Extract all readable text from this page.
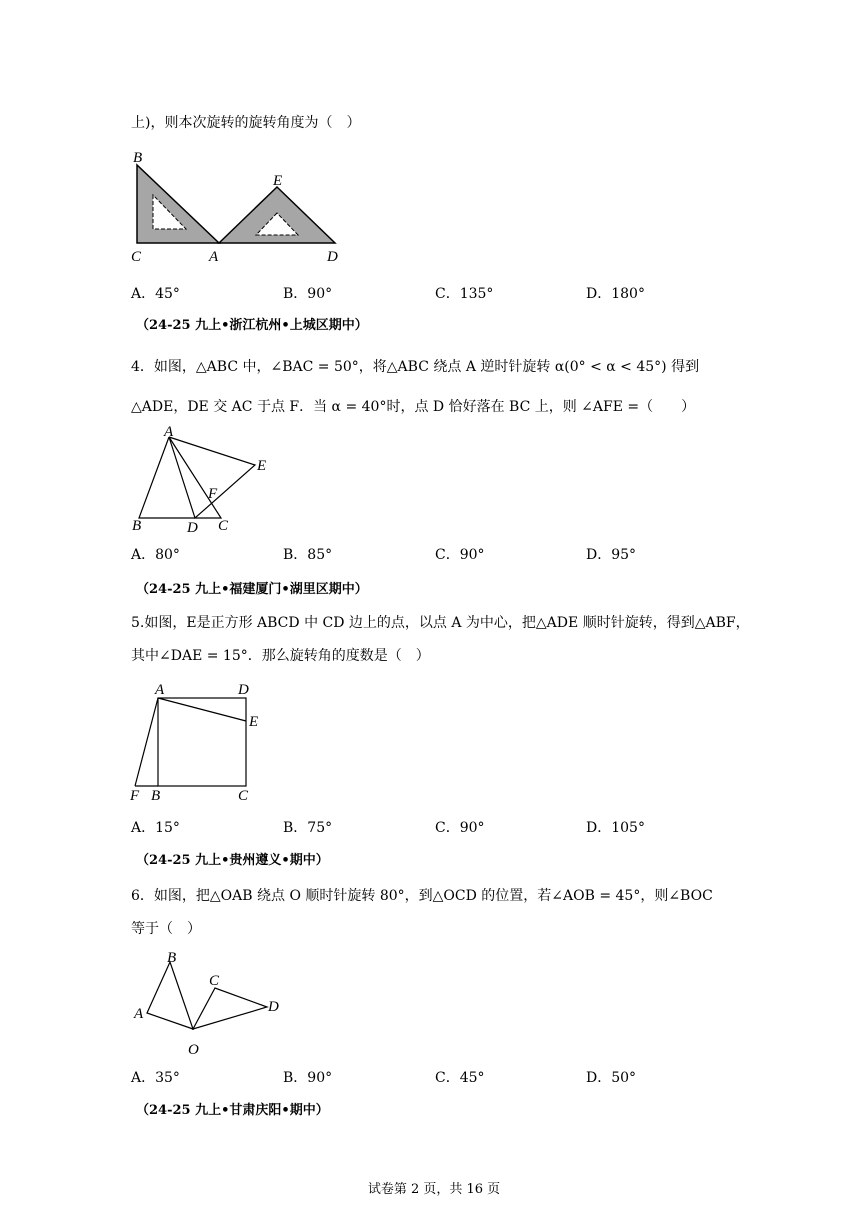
上)，则本次旋转的旋转角度为（　）
B
C	A
E
D
A．45°	B．90°	C．135°	D．180°
（24-25 九上•浙江杭州•上城区期中）
4．如图，△ABC 中，∠BAC = 50°，将△ABC 绕点 A 逆时针旋转 α(0° < α < 45°) 得到
△ADE，DE 交 AC 于点 F．当 α = 40°时，点 D 恰好落在 BC 上，则 ∠AFE =（　　）
A
E
F
B	D C
A．80°	B．85°	C．90°	D．95°
（24-25 九上•福建厦门•湖里区期中）
5.如图，E是正方形 ABCD 中 CD 边上的点，以点 A 为中心，把△ADE 顺时针旋转，得到△ABF，
其中∠DAE = 15°．那么旋转角的度数是（　）
A	D
E
F B	C
A．15°	B．75°	C．90°	D．105°
（24-25 九上•贵州遵义•期中）
6．如图，把△OAB 绕点 O 顺时针旋转 80°，到△OCD 的位置，若∠AOB = 45°，则∠BOC
等于（　）
B
C
D
A
O
A．35°	B．90°	C．45°	D．50°
（24-25 九上•甘肃庆阳•期中）
试卷第 2 页，共 16 页
